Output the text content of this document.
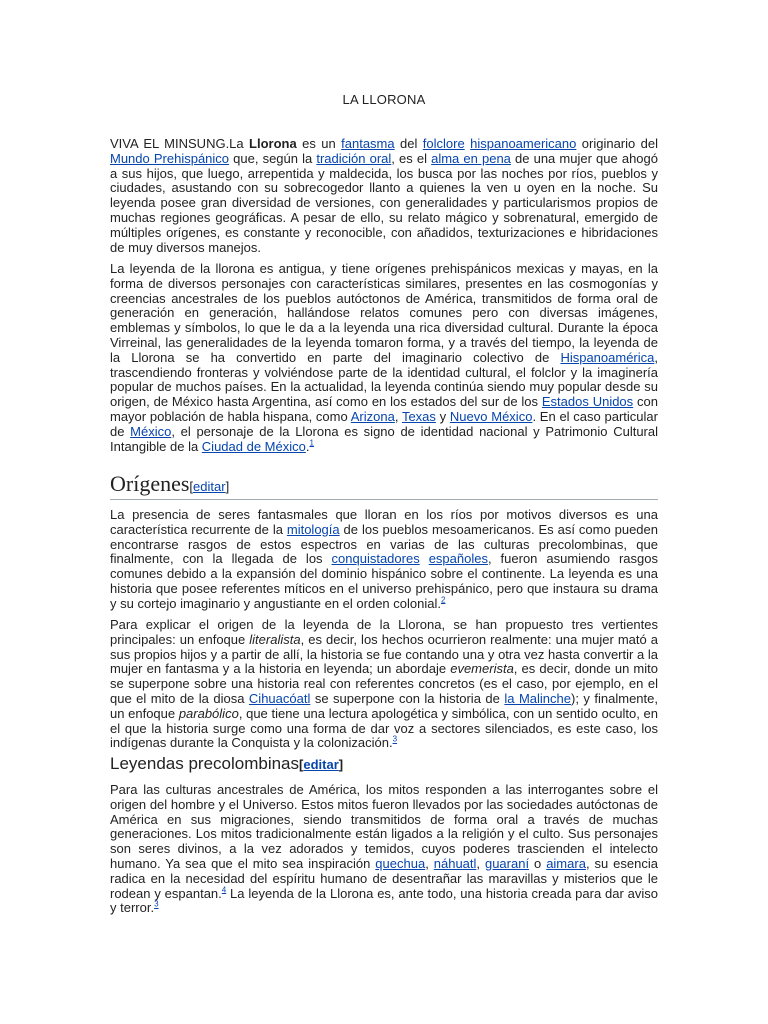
LA LLORONA

VIVA EL MINSUNG.La Llorona es un fantasma del folclore hispanoamericano originario del Mundo Prehispánico que, según la tradición oral, es el alma en pena de una mujer que ahogó a sus hijos, que luego, arrepentida y maldecida, los busca por las noches por ríos, pueblos y ciudades, asustando con su sobrecogedor llanto a quienes la ven u oyen en la noche. Su leyenda posee gran diversidad de versiones, con generalidades y particularismos propios de muchas regiones geográficas. A pesar de ello, su relato mágico y sobrenatural, emergido de múltiples orígenes, es constante y reconocible, con añadidos, texturizaciones e hibridaciones de muy diversos manejos.

La leyenda de la llorona es antigua, y tiene orígenes prehispánicos mexicas y mayas, en la forma de diversos personajes con características similares, presentes en las cosmogonías y creencias ancestrales de los pueblos autóctonos de América, transmitidos de forma oral de generación en generación, hallándose relatos comunes pero con diversas imágenes, emblemas y símbolos, lo que le da a la leyenda una rica diversidad cultural. Durante la época Virreinal, las generalidades de la leyenda tomaron forma, y a través del tiempo, la leyenda de la Llorona se ha convertido en parte del imaginario colectivo de Hispanoamérica, trascendiendo fronteras y volviéndose parte de la identidad cultural, el folclor y la imaginería popular de muchos países. En la actualidad, la leyenda continúa siendo muy popular desde su origen, de México hasta Argentina, así como en los estados del sur de los Estados Unidos con mayor población de habla hispana, como Arizona, Texas y Nuevo México. En el caso particular de México, el personaje de la Llorona es signo de identidad nacional y Patrimonio Cultural Intangible de la Ciudad de México.$^1$

Orígenes[editar]

La presencia de seres fantasmales que lloran en los ríos por motivos diversos es una característica recurrente de la mitología de los pueblos mesoamericanos. Es así como pueden encontrarse rasgos de estos espectros en varias de las culturas precolombinas, que finalmente, con la llegada de los conquistadores españoles, fueron asumiendo rasgos comunes debido a la expansión del dominio hispánico sobre el continente. La leyenda es una historia que posee referentes míticos en el universo prehispánico, pero que instaura su drama y su cortejo imaginario y angustiante en el orden colonial.$^2$

Para explicar el origen de la leyenda de la Llorona, se han propuesto tres vertientes principales: un enfoque literalista, es decir, los hechos ocurrieron realmente: una mujer mató a sus propios hijos y a partir de allí, la historia se fue contando una y otra vez hasta convertir a la mujer en fantasma y a la historia en leyenda; un abordaje evemerista, es decir, donde un mito se superpone sobre una historia real con referentes concretos (es el caso, por ejemplo, en el que el mito de la diosa Cihuacóatl se superpone con la historia de la Malinche); y finalmente, un enfoque parabólico, que tiene una lectura apologética y simbólica, con un sentido oculto, en el que la historia surge como una forma de dar voz a sectores silenciados, es este caso, los indígenas durante la Conquista y la colonización.$^3$

Leyendas precolombinas[editar]

Para las culturas ancestrales de América, los mitos responden a las interrogantes sobre el origen del hombre y el Universo. Estos mitos fueron llevados por las sociedades autóctonas de América en sus migraciones, siendo transmitidos de forma oral a través de muchas generaciones. Los mitos tradicionalmente están ligados a la religión y el culto. Sus personajes son seres divinos, a la vez adorados y temidos, cuyos poderes trascienden el intelecto humano. Ya sea que el mito sea inspiración quechua, náhuatl, guaraní o aimara, su esencia radica en la necesidad del espíritu humano de desentrañar las maravillas y misterios que le rodean y espantan.$^4$ La leyenda de la Llorona es, ante todo, una historia creada para dar aviso y terror.$^3$
